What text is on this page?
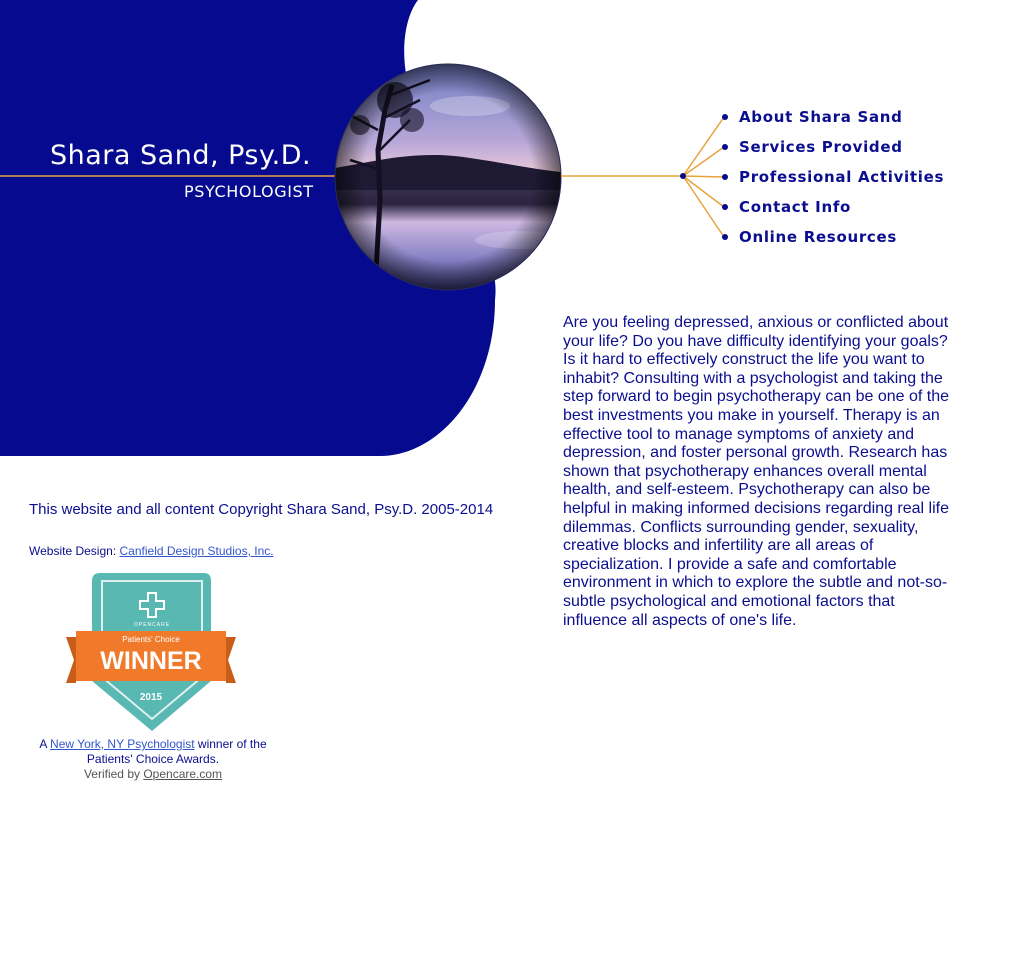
Shara Sand, Psy.D.
PSYCHOLOGIST
About Shara Sand
Services Provided
Professional Activities
Contact Info
Online Resources
Are you feeling depressed, anxious or conflicted about your life? Do you have difficulty identifying your goals? Is it hard to effectively construct the life you want to inhabit? Consulting with a psychologist and taking the step forward to begin psychotherapy can be one of the best investments you make in yourself. Therapy is an effective tool to manage symptoms of anxiety and depression, and foster personal growth. Research has shown that psychotherapy enhances overall mental health, and self-esteem. Psychotherapy can also be helpful in making informed decisions regarding real life dilemmas. Conflicts surrounding gender, sexuality, creative blocks and infertility are all areas of specialization. I provide a safe and comfortable environment in which to explore the subtle and not-so-subtle psychological and emotional factors that influence all aspects of one's life.
This website and all content Copyright Shara Sand, Psy.D. 2005-2014
Website Design: Canfield Design Studios, Inc.
OPENCARE
Patients' Choice
WINNER
2015
A New York, NY Psychologist winner of the Patients' Choice Awards.
Verified by Opencare.com
